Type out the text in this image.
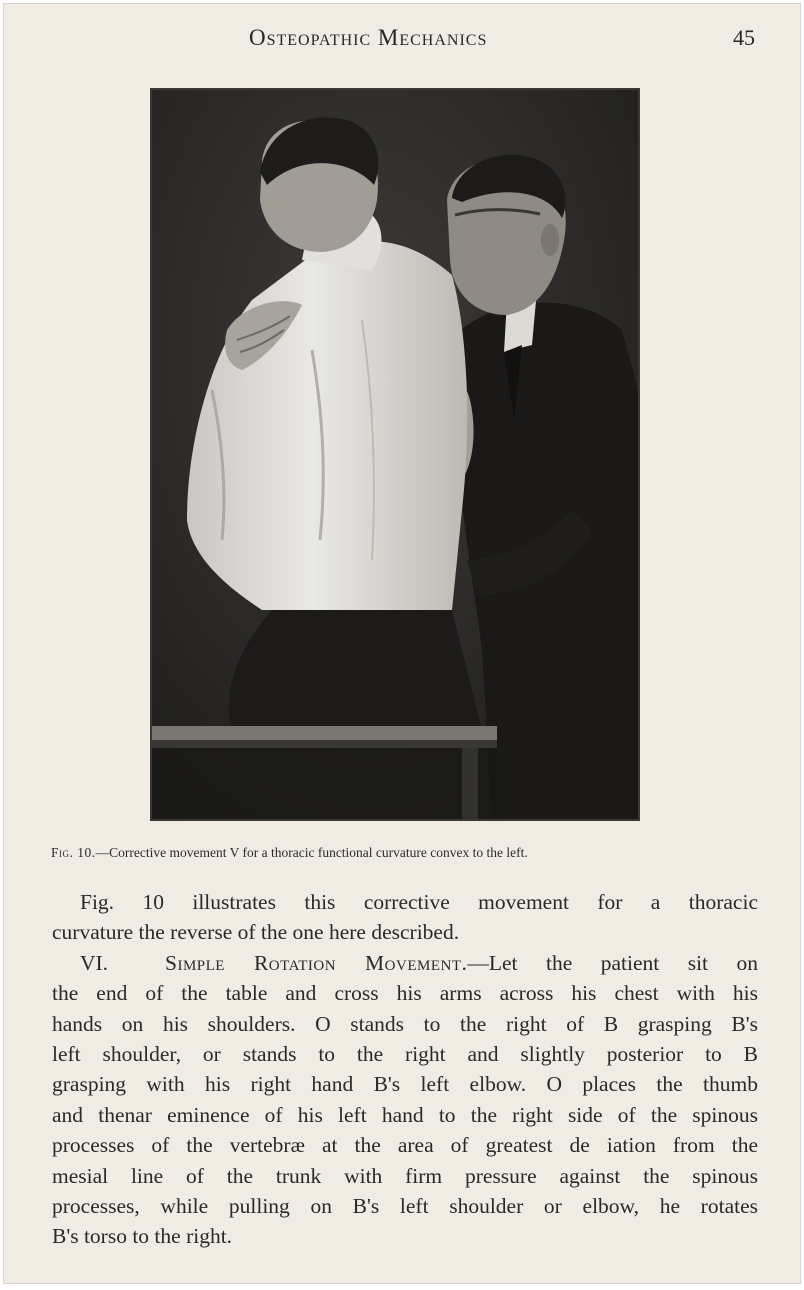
Osteopathic Mechanics	45
Fig. 10.—Corrective movement V for a thoracic functional curvature convex to the left.
Fig. 10 illustrates this corrective movement for a thoracic
curvature the reverse of the one here described.
VI.	Simple Rotation Movement.—Let the patient sit on
the end of the table and cross his arms across his chest with his
hands on his shoulders. O stands to the right of B grasping B's
left shoulder, or stands to the right and slightly posterior to B
grasping with his right hand B's left elbow. O places the thumb
and thenar eminence of his left hand to the right side of the spinous
processes of the vertebræ at the area of greatest de iation from the
mesial line of the trunk with firm pressure against the spinous
processes, while pulling on B's left shoulder or elbow, he rotates
B's torso to the right.
